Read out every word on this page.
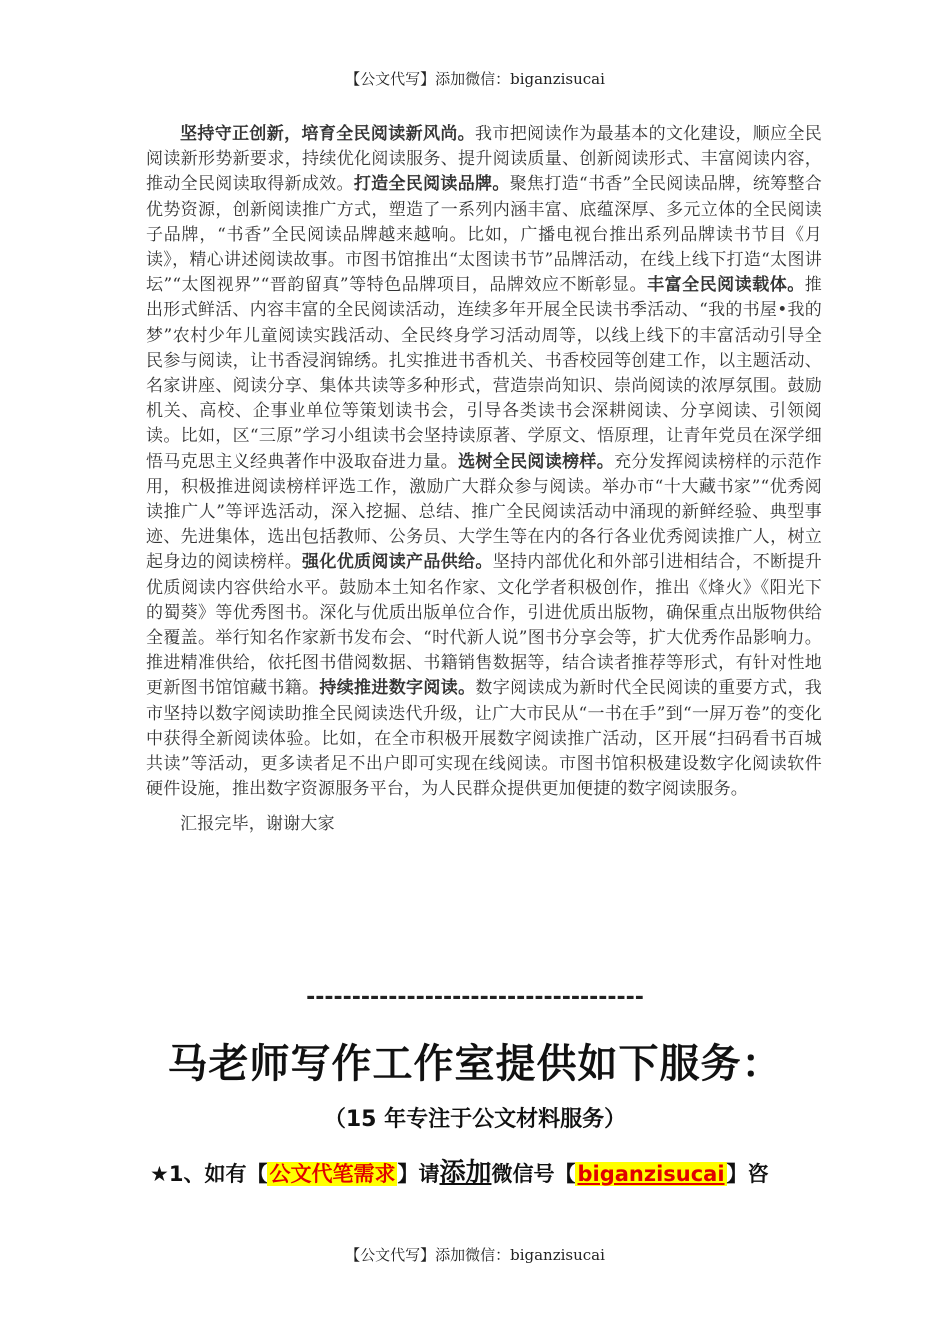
【公文代写】添加微信：biganzisucai

坚持守正创新，培育全民阅读新风尚。我市把阅读作为最基本的文化建设，顺应全民阅读新形势新要求，持续优化阅读服务、提升阅读质量、创新阅读形式、丰富阅读内容，推动全民阅读取得新成效。打造全民阅读品牌。聚焦打造“书香”全民阅读品牌，统筹整合优势资源，创新阅读推广方式，塑造了一系列内涵丰富、底蕴深厚、多元立体的全民阅读子品牌，“书香”全民阅读品牌越来越响。比如，广播电视台推出系列品牌读书节目《月读》，精心讲述阅读故事。市图书馆推出“太图读书节”品牌活动，在线上线下打造“太图讲坛”“太图视界”“晋韵留真”等特色品牌项目，品牌效应不断彰显。丰富全民阅读载体。推出形式鲜活、内容丰富的全民阅读活动，连续多年开展全民读书季活动、“我的书屋•我的梦”农村少年儿童阅读实践活动、全民终身学习活动周等，以线上线下的丰富活动引导全民参与阅读，让书香浸润锦绣。扎实推进书香机关、书香校园等创建工作，以主题活动、名家讲座、阅读分享、集体共读等多种形式，营造崇尚知识、崇尚阅读的浓厚氛围。鼓励机关、高校、企事业单位等策划读书会，引导各类读书会深耕阅读、分享阅读、引领阅读。比如，区“三原”学习小组读书会坚持读原著、学原文、悟原理，让青年党员在深学细悟马克思主义经典著作中汲取奋进力量。选树全民阅读榜样。充分发挥阅读榜样的示范作用，积极推进阅读榜样评选工作，激励广大群众参与阅读。举办市“十大藏书家”“优秀阅读推广人”等评选活动，深入挖掘、总结、推广全民阅读活动中涌现的新鲜经验、典型事迹、先进集体，选出包括教师、公务员、大学生等在内的各行各业优秀阅读推广人，树立起身边的阅读榜样。强化优质阅读产品供给。坚持内部优化和外部引进相结合，不断提升优质阅读内容供给水平。鼓励本土知名作家、文化学者积极创作，推出《烽火》《阳光下的蜀葵》等优秀图书。深化与优质出版单位合作，引进优质出版物，确保重点出版物供给全覆盖。举行知名作家新书发布会、“时代新人说”图书分享会等，扩大优秀作品影响力。推进精准供给，依托图书借阅数据、书籍销售数据等，结合读者推荐等形式，有针对性地更新图书馆馆藏书籍。持续推进数字阅读。数字阅读成为新时代全民阅读的重要方式，我市坚持以数字阅读助推全民阅读迭代升级，让广大市民从“一书在手”到“一屏万卷”的变化中获得全新阅读体验。比如，在全市积极开展数字阅读推广活动，区开展“扫码看书百城共读”等活动，更多读者足不出户即可实现在线阅读。市图书馆积极建设数字化阅读软件硬件设施，推出数字资源服务平台，为人民群众提供更加便捷的数字阅读服务。

汇报完毕，谢谢大家

-------------------------------------
马老师写作工作室提供如下服务：
（15 年专注于公文材料服务）
★1、如有【公文代笔需求】请添加微信号【biganzisucai】咨
【公文代写】添加微信：biganzisucai
